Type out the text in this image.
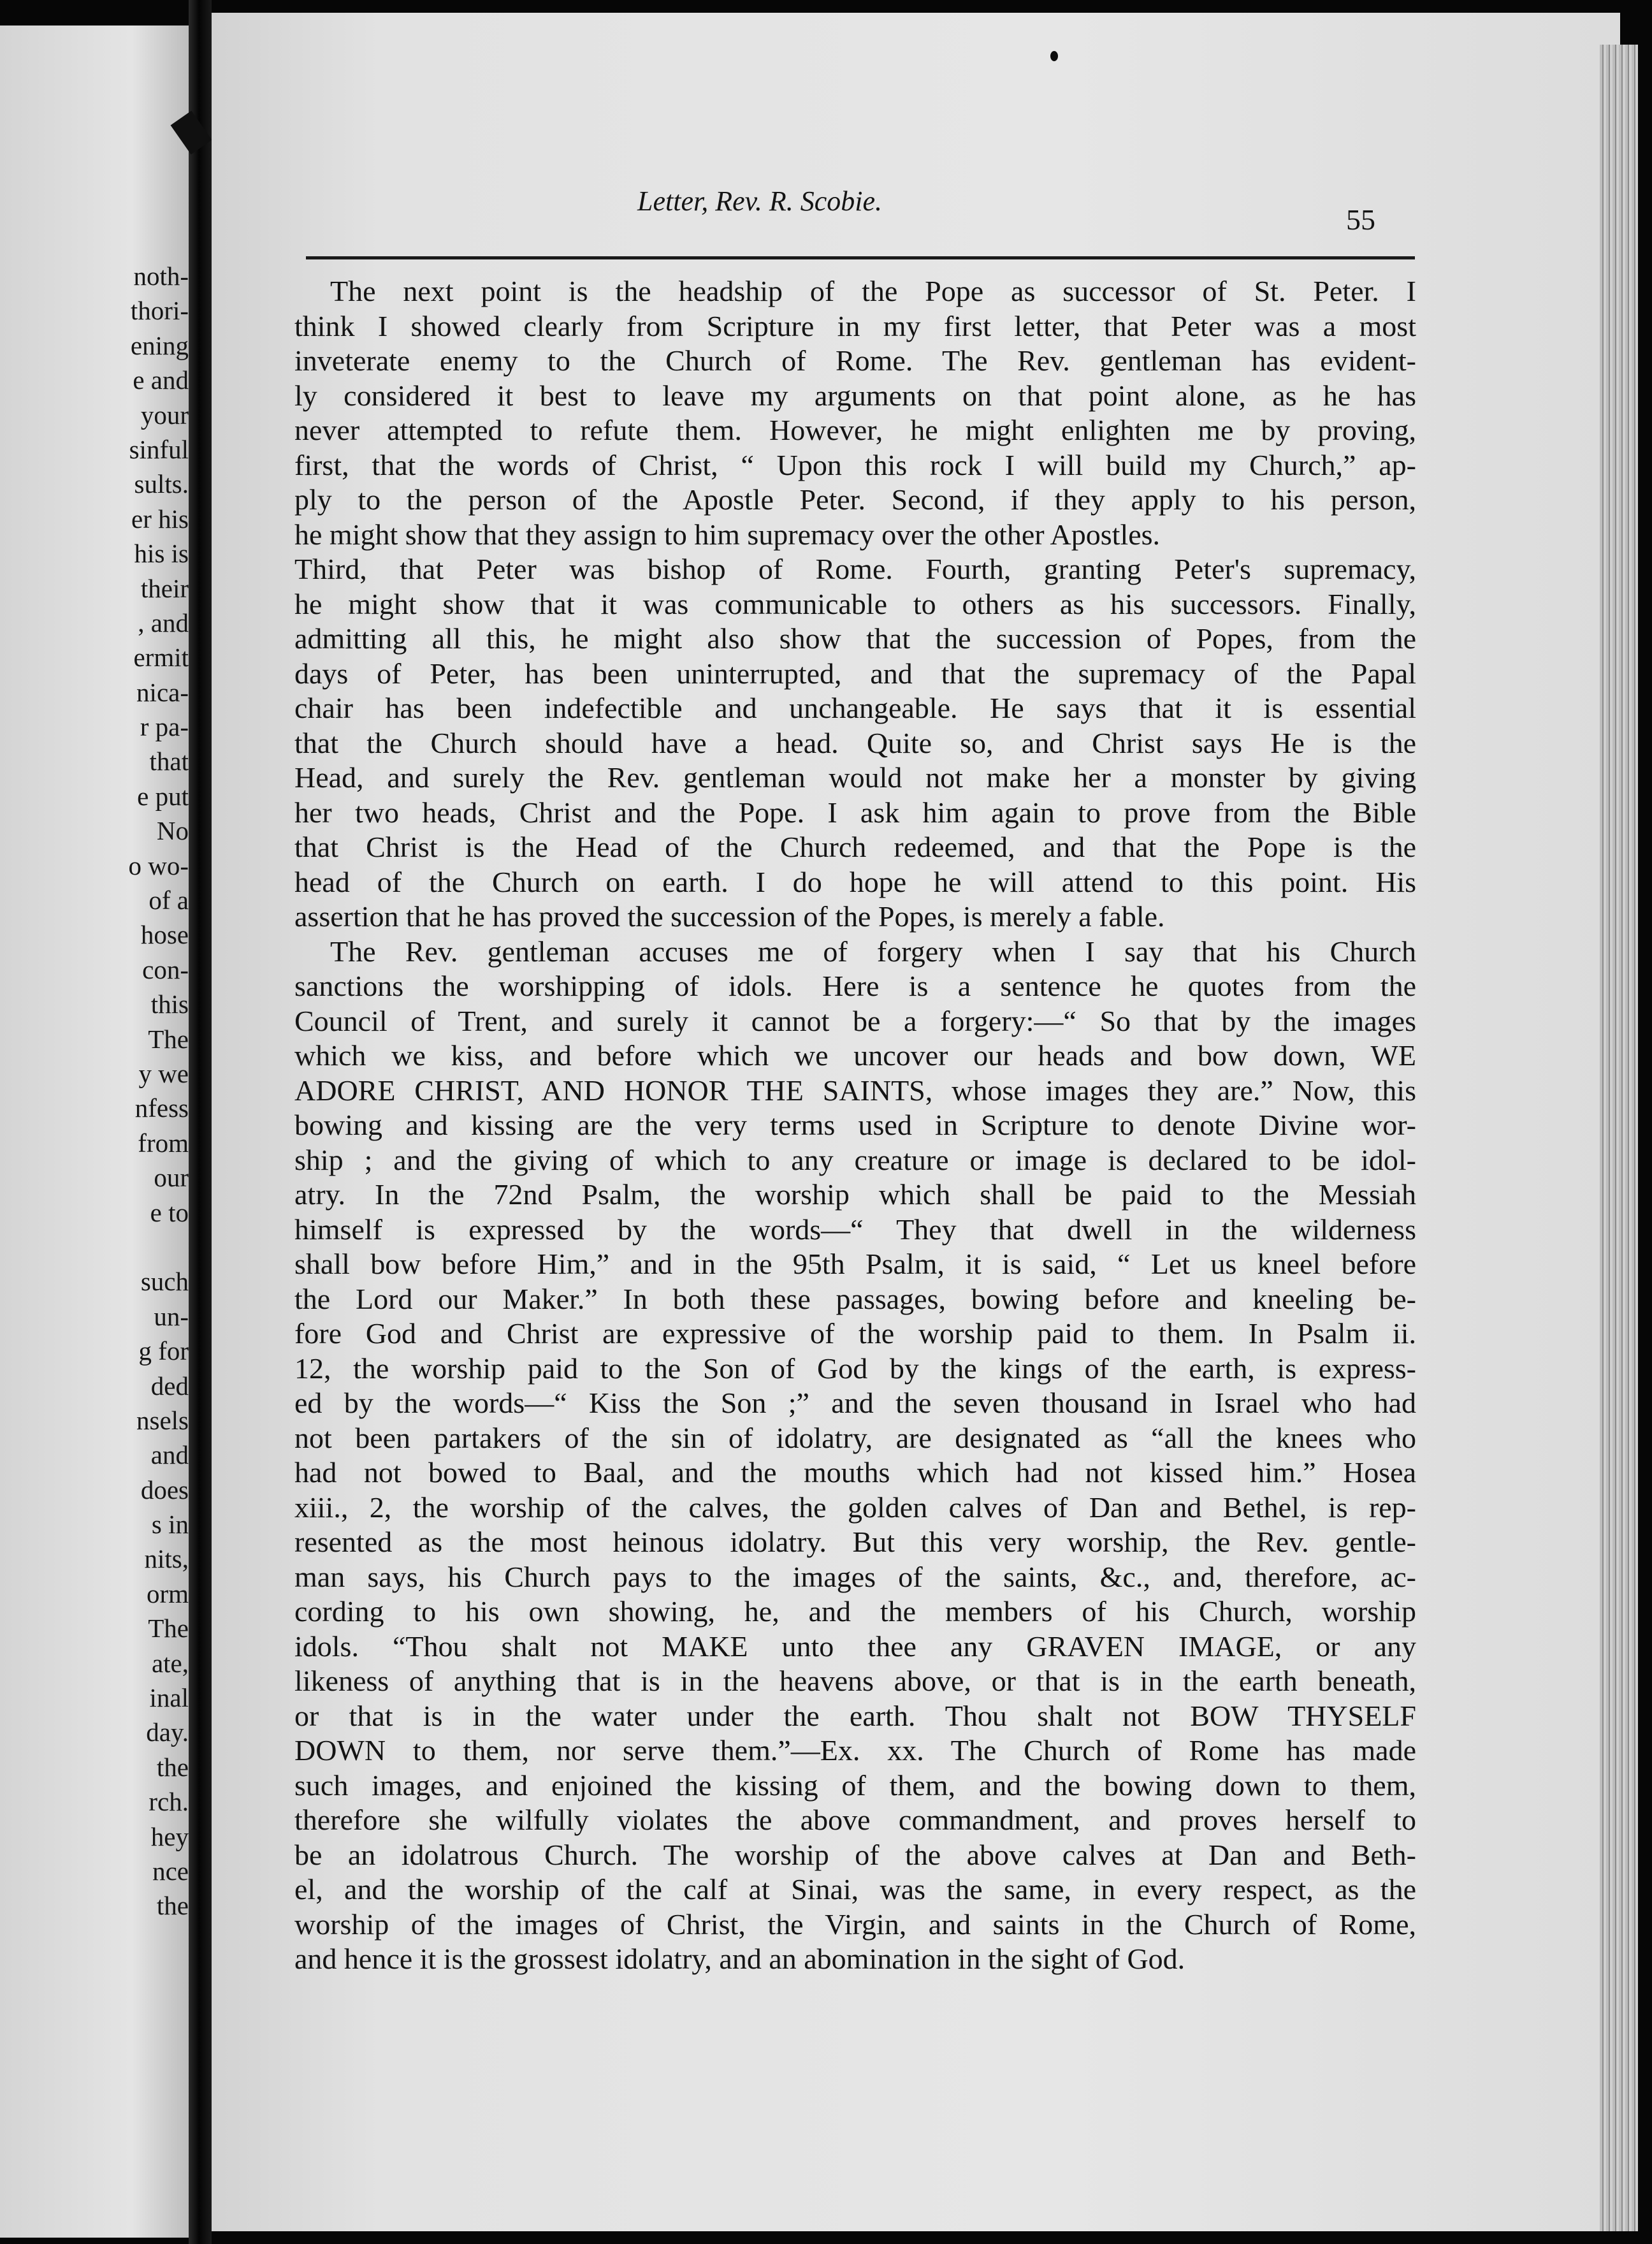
noth-
thori-
ening
e and
your
sinful
sults.
er his
his is
their
, and
ermit
nica-
r pa-
that
e put
No
o wo-
of a
hose
con-
this
The
y we
nfess
from
our
e to
such
un-
g for
ded
nsels
and
does
s in
nits,
orm
The
ate,
inal
day.
the
rch.
hey
nce
the
Letter, Rev. R. Scobie.
55
The next point is the headship of the Pope as successor of St. Peter. I
think I showed clearly from Scripture in my first letter, that Peter was a most
inveterate enemy to the Church of Rome. The Rev. gentleman has evident-
ly considered it best to leave my arguments on that point alone, as he has
never attempted to refute them. However, he might enlighten me by proving,
first, that the words of Christ, “ Upon this rock I will build my Church,” ap-
ply to the person of the Apostle Peter. Second, if they apply to his person,
he might show that they assign to him supremacy over the other Apostles.
Third, that Peter was bishop of Rome. Fourth, granting Peter's supremacy,
he might show that it was communicable to others as his successors. Finally,
admitting all this, he might also show that the succession of Popes, from the
days of Peter, has been uninterrupted, and that the supremacy of the Papal
chair has been indefectible and unchangeable. He says that it is essential
that the Church should have a head. Quite so, and Christ says He is the
Head, and surely the Rev. gentleman would not make her a monster by giving
her two heads, Christ and the Pope. I ask him again to prove from the Bible
that Christ is the Head of the Church redeemed, and that the Pope is the
head of the Church on earth. I do hope he will attend to this point. His
assertion that he has proved the succession of the Popes, is merely a fable.
The Rev. gentleman accuses me of forgery when I say that his Church
sanctions the worshipping of idols. Here is a sentence he quotes from the
Council of Trent, and surely it cannot be a forgery:—“ So that by the images
which we kiss, and before which we uncover our heads and bow down, WE
ADORE CHRIST, AND HONOR THE SAINTS, whose images they are.” Now, this
bowing and kissing are the very terms used in Scripture to denote Divine wor-
ship ; and the giving of which to any creature or image is declared to be idol-
atry. In the 72nd Psalm, the worship which shall be paid to the Messiah
himself is expressed by the words—“ They that dwell in the wilderness
shall bow before Him,” and in the 95th Psalm, it is said, “ Let us kneel before
the Lord our Maker.” In both these passages, bowing before and kneeling be-
fore God and Christ are expressive of the worship paid to them. In Psalm ii.
12, the worship paid to the Son of God by the kings of the earth, is express-
ed by the words—“ Kiss the Son ;” and the seven thousand in Israel who had
not been partakers of the sin of idolatry, are designated as “all the knees who
had not bowed to Baal, and the mouths which had not kissed him.” Hosea
xiii., 2, the worship of the calves, the golden calves of Dan and Bethel, is rep-
resented as the most heinous idolatry. But this very worship, the Rev. gentle-
man says, his Church pays to the images of the saints, &c., and, therefore, ac-
cording to his own showing, he, and the members of his Church, worship
idols. “Thou shalt not MAKE unto thee any GRAVEN IMAGE, or any
likeness of anything that is in the heavens above, or that is in the earth beneath,
or that is in the water under the earth. Thou shalt not BOW THYSELF
DOWN to them, nor serve them.”—Ex. xx. The Church of Rome has made
such images, and enjoined the kissing of them, and the bowing down to them,
therefore she wilfully violates the above commandment, and proves herself to
be an idolatrous Church. The worship of the above calves at Dan and Beth-
el, and the worship of the calf at Sinai, was the same, in every respect, as the
worship of the images of Christ, the Virgin, and saints in the Church of Rome,
and hence it is the grossest idolatry, and an abomination in the sight of God.
